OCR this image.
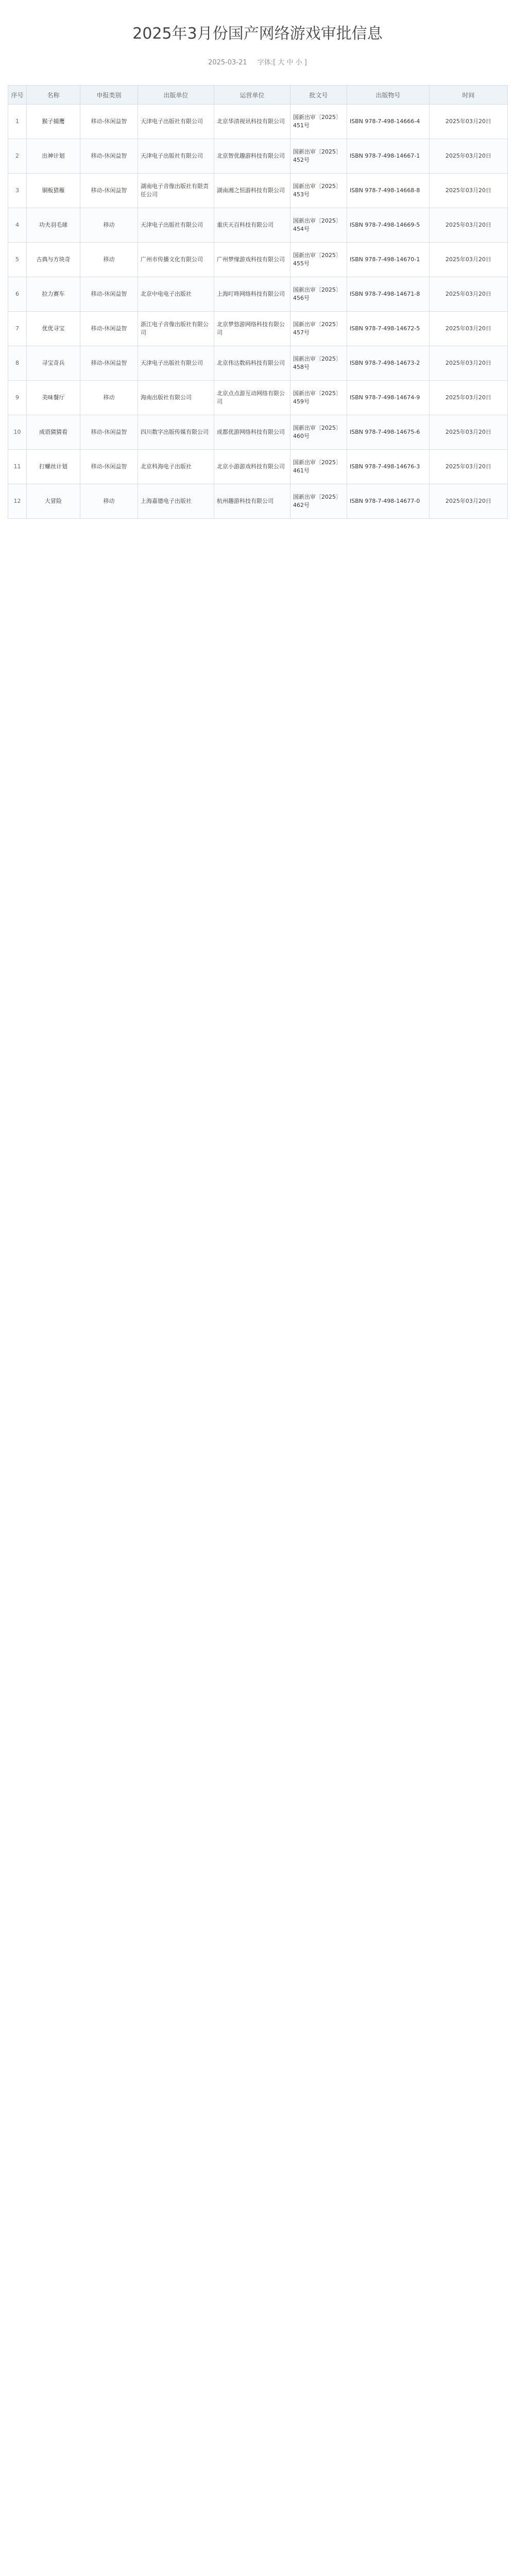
2025年3月份国产网络游戏审批信息
2025-03-21 字体:[ 大 中 小 ]
序号	名称	申报类别	出版单位	运营单位	批文号	出版物号	时间
1	猴子捕鹰	移动-休闲益智	天津电子出版社有限公司	北京华清视讯科技有限公司	国新出审〔2025〕451号	ISBN 978-7-498-14666-4	2025年03月20日
2	出神计划	移动-休闲益智	天津电子出版社有限公司	北京智优趣游科技有限公司	国新出审〔2025〕452号	ISBN 978-7-498-14667-1	2025年03月20日
3	铜板猎雁	移动-休闲益智	湖南电子音像出版社有限责任公司	湖南湘之恒游科技有限公司	国新出审〔2025〕453号	ISBN 978-7-498-14668-8	2025年03月20日
4	功夫羽毛球	移动	天津电子出版社有限公司	重庆天百科技有限公司	国新出审〔2025〕454号	ISBN 978-7-498-14669-5	2025年03月20日
5	古典与方块奇	移动	广州市传播文化有限公司	广州梦缘游戏科技有限公司	国新出审〔2025〕455号	ISBN 978-7-498-14670-1	2025年03月20日
6	拉力赛车	移动-休闲益智	北京中电电子出版社	上海叮咚网络科技有限公司	国新出审〔2025〕456号	ISBN 978-7-498-14671-8	2025年03月20日
7	优优寻宝	移动-休闲益智	浙江电子音像出版社有限公司	北京梦悠游网络科技有限公司	国新出审〔2025〕457号	ISBN 978-7-498-14672-5	2025年03月20日
8	寻宝奇兵	移动-休闲益智	天津电子出版社有限公司	北京伟达数码科技有限公司	国新出审〔2025〕458号	ISBN 978-7-498-14673-2	2025年03月20日
9	美味餐厅	移动	海南出版社有限公司	北京点点游互动网络有限公司	国新出审〔2025〕459号	ISBN 978-7-498-14674-9	2025年03月20日
10	成语猜猜看	移动-休闲益智	四川数字出版传媒有限公司	成都优游网络科技有限公司	国新出审〔2025〕460号	ISBN 978-7-498-14675-6	2025年03月20日
11	打螺丝计划	移动-休闲益智	北京科海电子出版社	北京小游游戏科技有限公司	国新出审〔2025〕461号	ISBN 978-7-498-14676-3	2025年03月20日
12	大冒险	移动	上海嘉德电子出版社	杭州趣游科技有限公司	国新出审〔2025〕462号	ISBN 978-7-498-14677-0	2025年03月20日
